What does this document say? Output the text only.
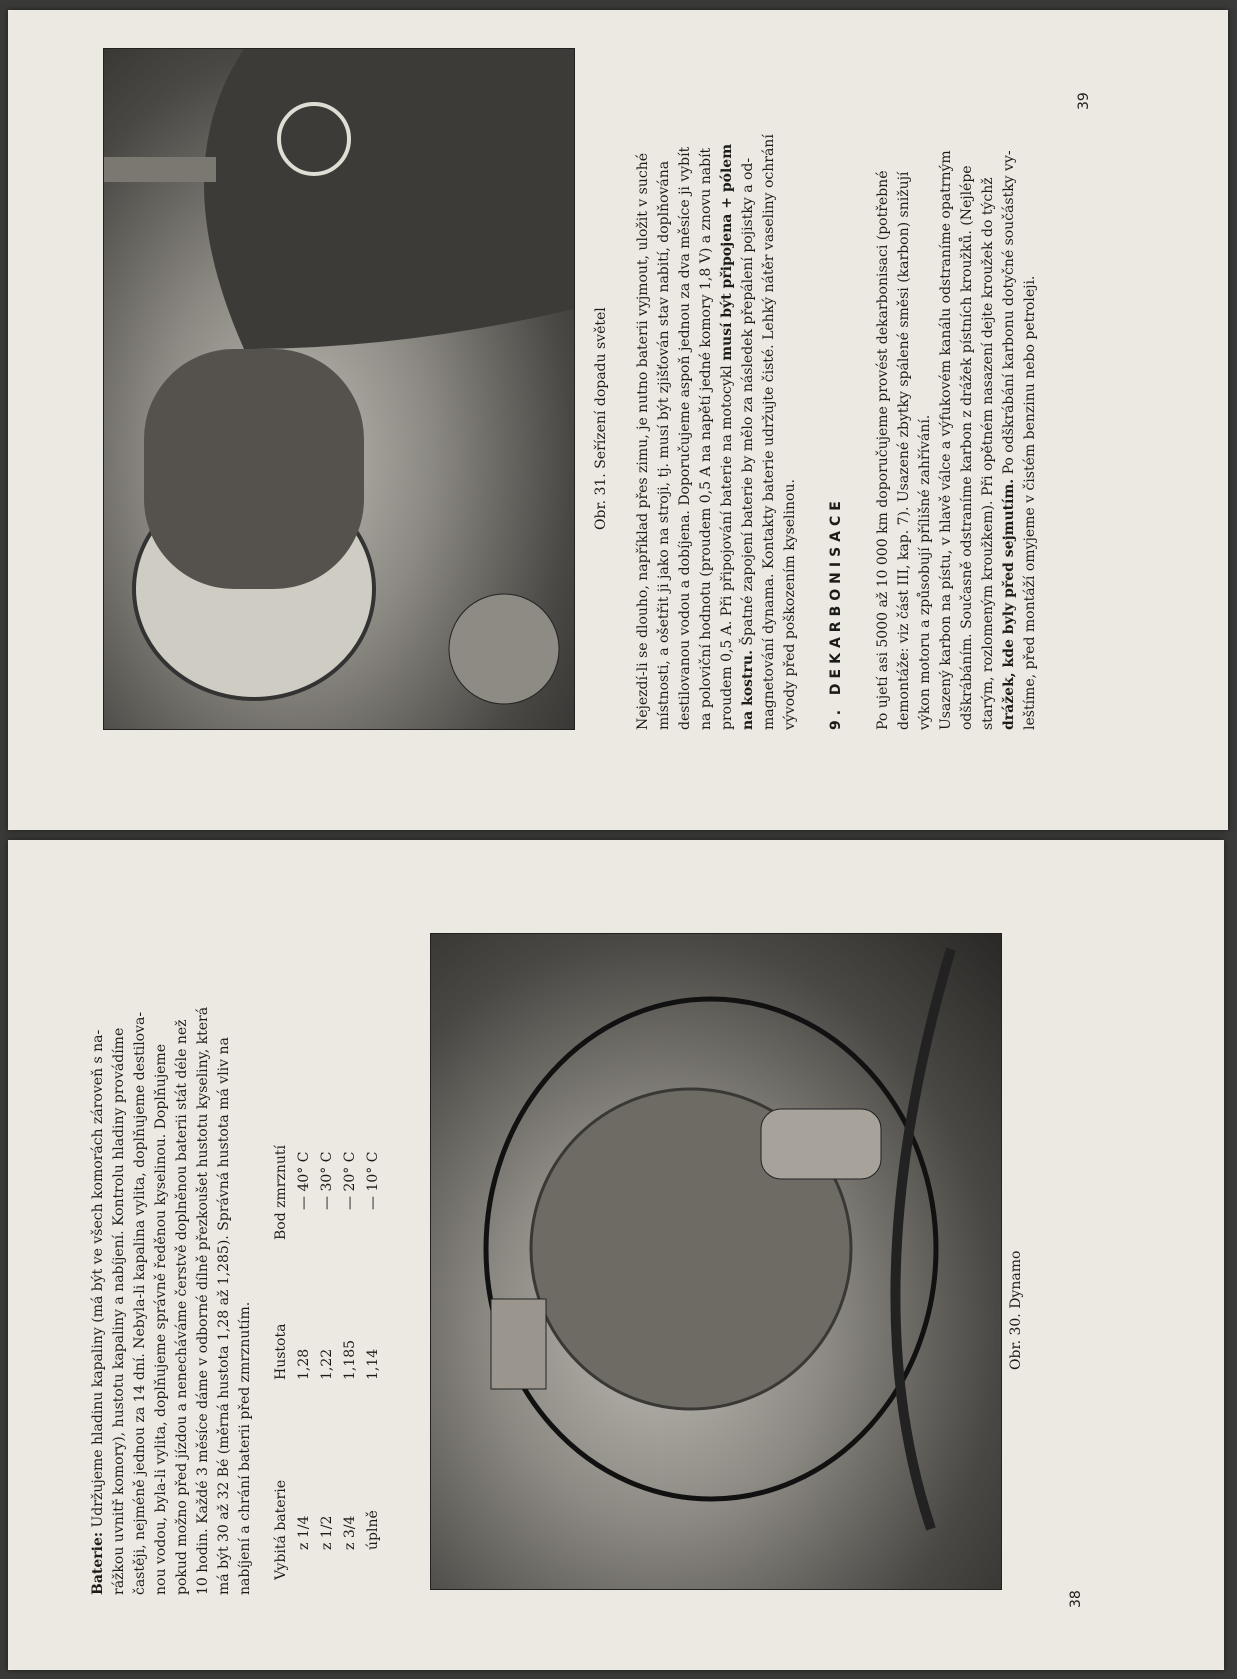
Baterie: Udržujeme hladinu kapaliny (má být ve všech komorách zároveň s na- rážkou uvnitř komory), hustotu kapaliny a nabíjení. Kontrolu hladiny provádíme častěji, nejméně jednou za 14 dní. Nebyla-li kapalina vylita, doplňujeme destilova- nou vodou, byla-li vylita, doplňujeme správně ředěnou kyselinou. Doplňujeme pokud možno před jízdou a nenecháváme čerstvě doplněnou baterii stát déle než 10 hodin. Každé 3 měsíce dáme v odborné dílně přezkoušet hustotu kyseliny, která má být 30 až 32 Bé (měrná hustota 1,28 až 1,285). Správná hustota má vliv na nabíjení a chrání baterii před zmrznutím. Vybitá baterie	Hustota	Bod zmrznutí
z 1/4	1,28	— 40° C
z 1/2	1,22	— 30° C
z 3/4	1,185	— 20° C
úplně	1,14	— 10° C
Obr. 30. Dynamo
38
Obr. 31. Seřízení dopadu světel Nejezdí-li se dlouho, například přes zimu, je nutno baterii vyjmout, uložit v suché místnosti, a ošetřit ji jako na stroji, tj. musí být zjišťován stav nabití, doplňována destilovanou vodou a dobíjena. Doporučujeme aspoň jednou za dva měsíce ji vybít na poloviční hodnotu (proudem 0,5 A na napětí jedné komory 1,8 V) a znovu nabít proudem 0,5 A. Při připojování baterie na motocykl musí být připojena + pólem
na kostru. Špatné zapojení baterie by mělo za následek přepálení pojistky a od- magnetování dynama. Kontakty baterie udržujte čisté. Lehký nátěr vaseliny ochrání vývody před poškozením kyselinou. 9. DEKARBONISACE Po ujetí asi 5000 až 10 000 km doporučujeme provést dekarbonisaci (potřebné demontáže: viz část III, kap. 7). Usazené zbytky spálené směsi (karbon) snižují výkon motoru a způsobují přílišné zahřívání. Usazený karbon na pístu, v hlavě válce a výfukovém kanálu odstraníme opatrným odškrábáním. Současně odstraníme karbon z drážek pístních kroužků. (Nejlépe starým, rozlomeným kroužkem). Při opětném nasazení dejte kroužek do týchž drážek, kde byly před sejmutím. Po odškrábání karbonu dotyčné součástky vy- leštíme, před montáží omyjeme v čistém benzinu nebo petroleji.
39
